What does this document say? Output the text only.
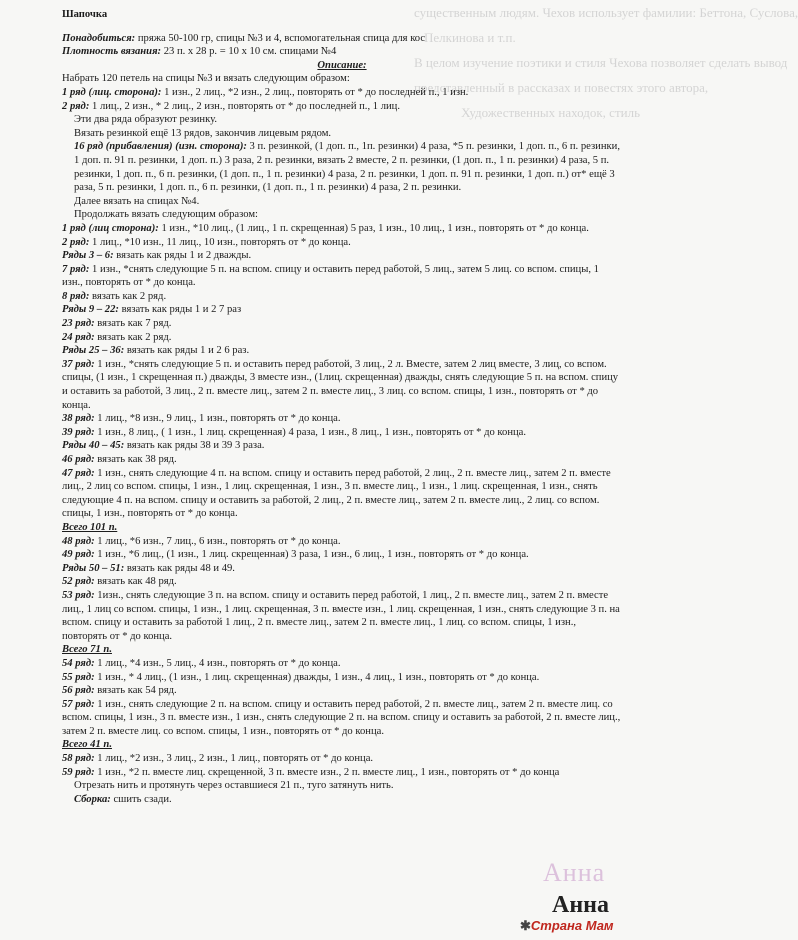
существенным людям. Чехов использует фамилии: Беттона, Суслова,
Пелкинова и т.п.
В целом изучение поэтики и стиля Чехова позволяет сделать вывод
представленный в рассказах и повестях этого автора,
Художественных находок, стиль

Шапочка

Понадобиться: пряжа 50-100 гр, спицы №3 и 4, вспомогательная спица для кос

Плотность вязания: 23 п. х 28 р. = 10 х 10 см. спицами №4

Описание:

Набрать 120 петель на спицы №3 и вязать следующим образом:

1 ряд (лиц. сторона): 1 изн., 2 лиц., *2 изн., 2 лиц., повторять от * до последней п., 1 изн.

2 ряд: 1 лиц., 2 изн., * 2 лиц., 2 изн., повторять от * до последней п., 1 лиц.

Эти два ряда образуют резинку.

Вязать резинкой ещё 13 рядов, закончив лицевым рядом.

16 ряд (прибавления) (изн. сторона): 3 п. резинкой, (1 доп. п., 1п. резинки) 4 раза, *5 п. резинки, 1 доп. п., 6 п. резинки, 1 доп. п. 91 п. резинки, 1 доп. п.) 3 раза, 2 п. резинки, вязать 2 вместе, 2 п. резинки, (1 доп. п., 1 п. резинки) 4 раза, 5 п. резинки, 1 доп. п., 6 п. резинки, (1 доп. п., 1 п. резинки) 4 раза, 2 п. резинки, 1 доп. п. 91 п. резинки, 1 доп. п.) от* ещё 3 раза, 5 п. резинки, 1 доп. п., 6 п. резинки, (1 доп. п., 1 п. резинки) 4 раза, 2 п. резинки.

Далее вязать на спицах №4.

Продолжать вязать следующим образом:

1 ряд (лиц сторона): 1 изн., *10 лиц., (1 лиц., 1 п. скрещенная) 5 раз, 1 изн., 10 лиц., 1 изн., повторять от * до конца.

2 ряд: 1 лиц., *10 изн., 11 лиц., 10 изн., повторять от * до конца.

Ряды 3 – 6: вязать как ряды 1 и 2 дважды.

7 ряд: 1 изн., *снять следующие 5 п. на вспом. спицу и оставить перед работой, 5 лиц., затем 5 лиц. со вспом. спицы, 1 изн., повторять от * до конца.

8 ряд: вязать как 2 ряд.

Ряды 9 – 22: вязать как ряды 1 и 2 7 раз

23 ряд: вязать как 7 ряд.

24 ряд: вязать как 2 ряд.

Ряды 25 – 36: вязать как ряды 1 и 2 6 раз.

37 ряд: 1 изн., *снять следующие 5 п. и оставить перед работой, 3 лиц., 2 л. Вместе, затем 2 лиц вместе, 3 лиц, со вспом. спицы, (1 изн., 1 скрещенная п.) дважды, 3 вместе изн., (1лиц. скрещенная) дважды, снять следующие 5 п. на вспом. спицу и оставить за работой, 3 лиц., 2 п. вместе лиц., затем 2 п. вместе лиц., 3 лиц. со вспом. спицы, 1 изн., повторять от * до конца.

38 ряд: 1 лиц., *8 изн., 9 лиц., 1 изн., повторять от * до конца.

39 ряд: 1 изн., 8 лиц., ( 1 изн., 1 лиц. скрещенная) 4 раза, 1 изн., 8 лиц., 1 изн., повторять от * до конца.

Ряды 40 – 45: вязать как ряды 38 и 39 3 раза.

46 ряд: вязать как 38 ряд.

47 ряд: 1 изн., снять следующие 4 п. на вспом. спицу и оставить перед работой, 2 лиц., 2 п. вместе лиц., затем 2 п. вместе лиц., 2 лиц со вспом. спицы, 1 изн., 1 лиц. скрещенная, 1 изн., 3 п. вместе лиц., 1 изн., 1 лиц. скрещенная, 1 изн., снять следующие 4 п. на вспом. спицу и оставить за работой, 2 лиц., 2 п. вместе лиц., затем 2 п. вместе лиц., 2 лиц. со вспом. спицы, 1 изн., повторять от * до конца.

Всего 101 п.

48 ряд: 1 лиц., *6 изн., 7 лиц., 6 изн., повторять от * до конца.

49 ряд: 1 изн., *6 лиц., (1 изн., 1 лиц. скрещенная) 3 раза, 1 изн., 6 лиц., 1 изн., повторять от * до конца.

Ряды 50 – 51: вязать как ряды 48 и 49.

52 ряд: вязать как 48 ряд.

53 ряд: 1изн., снять следующие 3 п. на вспом. спицу и оставить перед работой, 1 лиц., 2 п. вместе лиц., затем 2 п. вместе лиц., 1 лиц со вспом. спицы, 1 изн., 1 лиц. скрещенная, 3 п. вместе изн., 1 лиц. скрещенная, 1 изн., снять следующие 3 п. на вспом. спицу и оставить за работой 1 лиц., 2 п. вместе лиц., затем 2 п. вместе лиц., 1 лиц. со вспом. спицы, 1 изн., повторять от * до конца.

Всего 71 п.

54 ряд: 1 лиц., *4 изн., 5 лиц., 4 изн., повторять от * до конца.

55 ряд: 1 изн., * 4 лиц., (1 изн., 1 лиц. скрещенная) дважды, 1 изн., 4 лиц., 1 изн., повторять от * до конца.

56 ряд: вязать как 54 ряд.

57 ряд: 1 изн., снять следующие 2 п. на вспом. спицу и оставить перед работой, 2 п. вместе лиц., затем 2 п. вместе лиц. со вспом. спицы, 1 изн., 3 п. вместе изн., 1 изн., снять следующие 2 п. на вспом. спицу и оставить за работой, 2 п. вместе лиц., затем 2 п. вместе лиц. со вспом. спицы, 1 изн., повторять от * до конца.

Всего 41 п.

58 ряд: 1 лиц., *2 изн., 3 лиц., 2 изн., 1 лиц., повторять от * до конца.

59 ряд: 1 изн., *2 п. вместе лиц. скрещенной, 3 п. вместе изн., 2 п. вместе лиц., 1 изн., повторять от * до конца

Отрезать нить и протянуть через оставшиеся 21 п., туго затянуть нить.

Сборка: сшить сзади.

Анна
Анна
✱Страна Мам
